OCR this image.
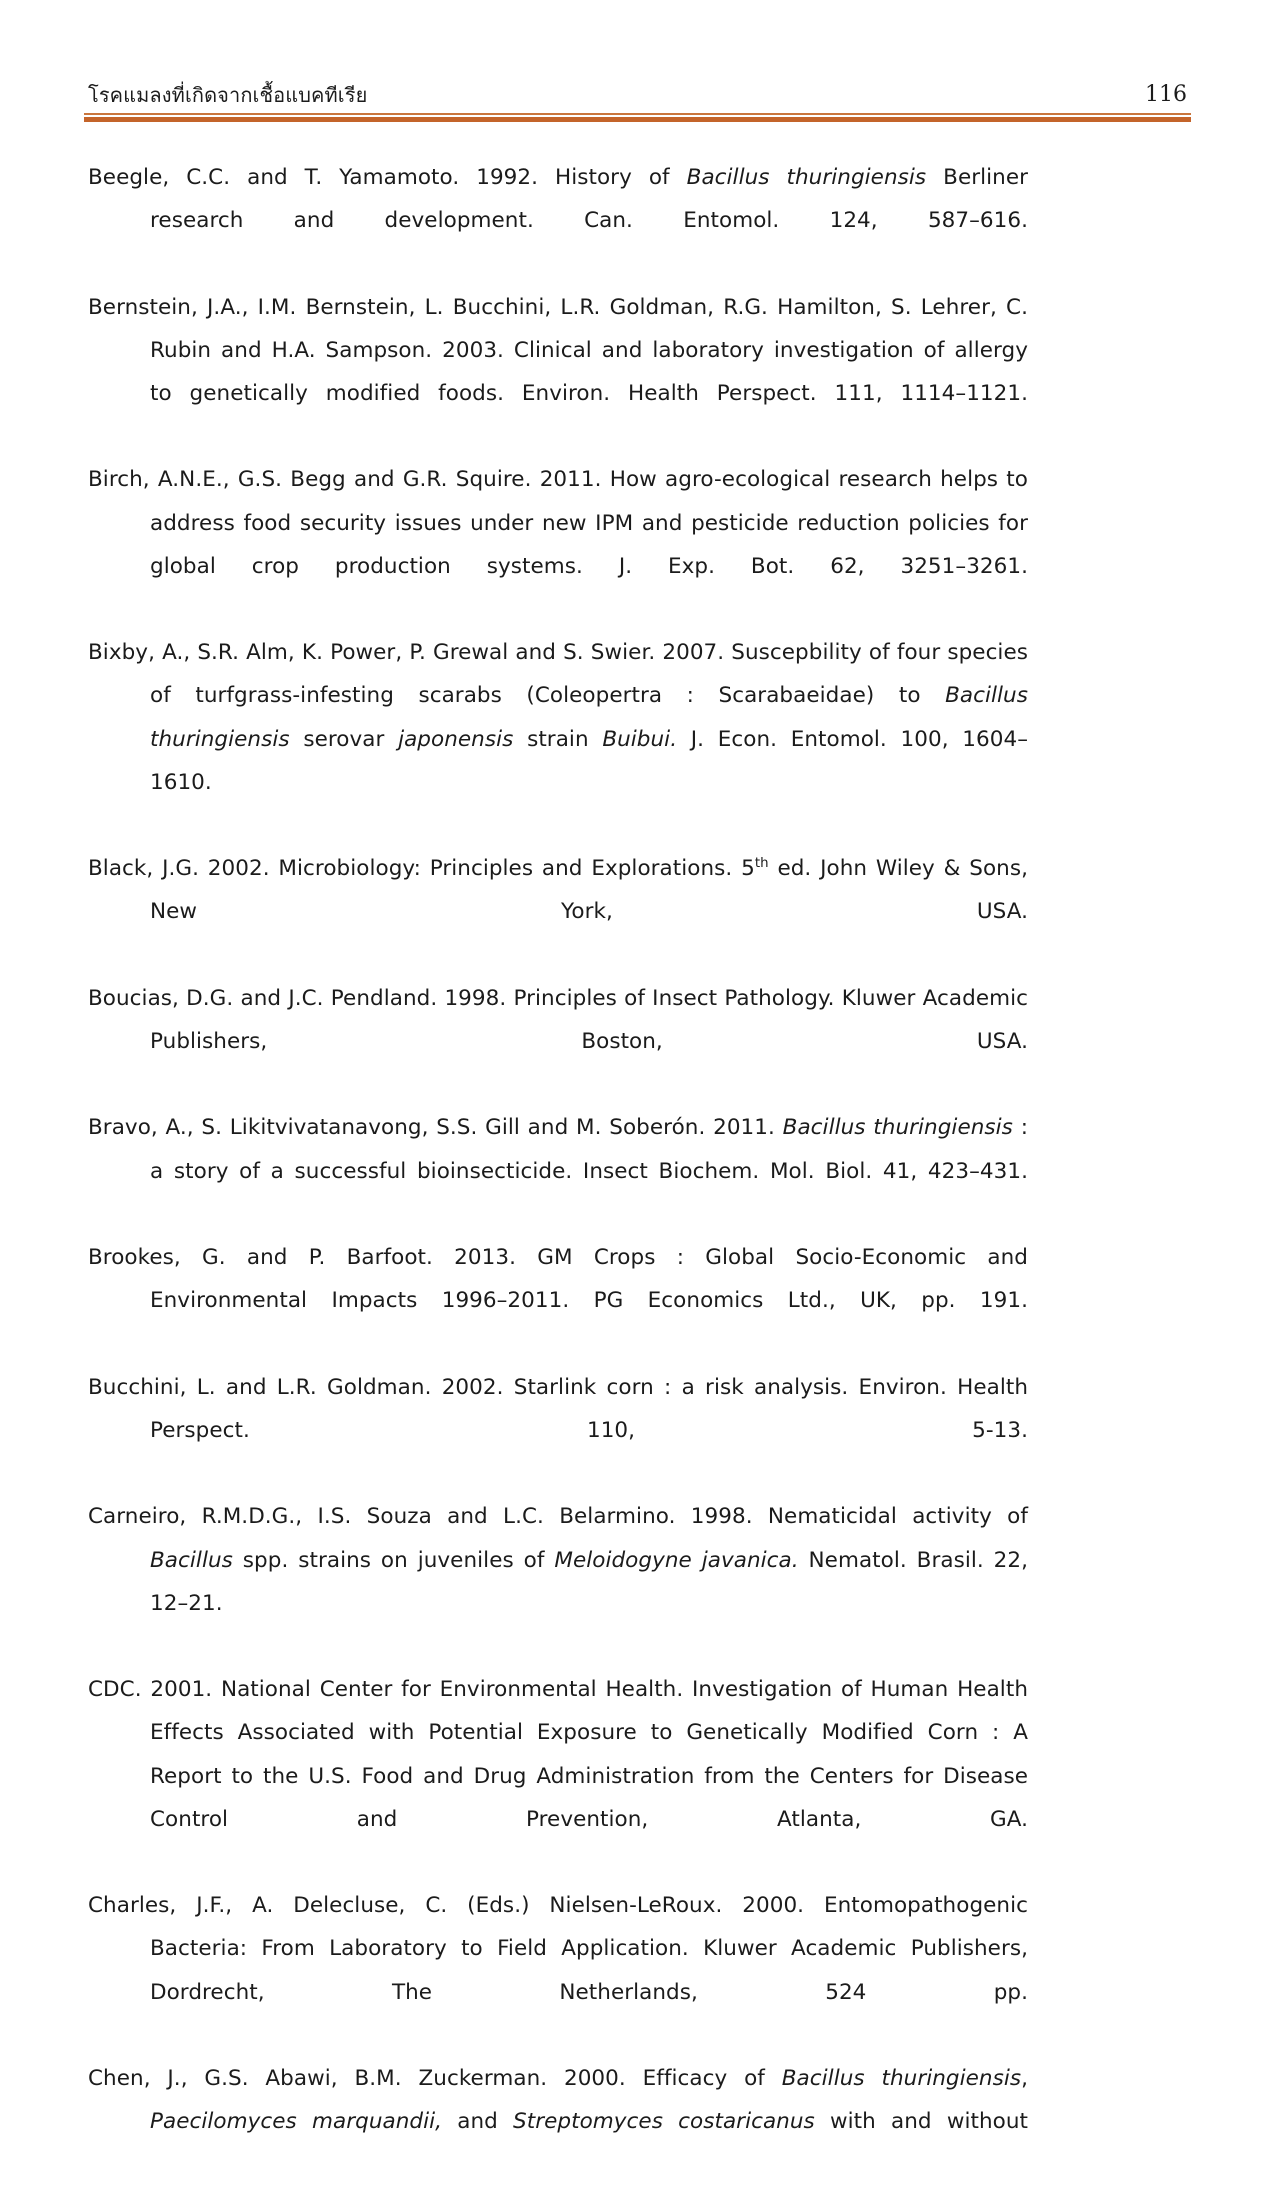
โรคแมลงที่เกิดจากเชื้อแบคทีเรีย	116

Beegle, C.C. and T. Yamamoto. 1992. History of Bacillus thuringiensis Berliner research and development. Can. Entomol. 124, 587–616.

Bernstein, J.A., I.M. Bernstein, L. Bucchini, L.R. Goldman, R.G. Hamilton, S. Lehrer, C. Rubin and H.A. Sampson. 2003. Clinical and laboratory investigation of allergy to genetically modified foods. Environ. Health Perspect. 111, 1114–1121.

Birch, A.N.E., G.S. Begg and G.R. Squire. 2011. How agro-ecological research helps to address food security issues under new IPM and pesticide reduction policies for global crop production systems. J. Exp. Bot. 62, 3251–3261.

Bixby, A., S.R. Alm, K. Power, P. Grewal and S. Swier. 2007. Suscepbility of four species of turfgrass-infesting scarabs (Coleopertra : Scarabaeidae) to Bacillus thuringiensis serovar japonensis strain Buibui. J. Econ. Entomol. 100, 1604–1610.

Black, J.G. 2002. Microbiology: Principles and Explorations. 5th ed. John Wiley & Sons, New York, USA.

Boucias, D.G. and J.C. Pendland. 1998. Principles of Insect Pathology. Kluwer Academic Publishers, Boston, USA.

Bravo, A., S. Likitvivatanavong, S.S. Gill and M. Soberón. 2011. Bacillus thuringiensis : a story of a successful bioinsecticide. Insect Biochem. Mol. Biol. 41, 423–431.

Brookes, G. and P. Barfoot. 2013. GM Crops : Global Socio-Economic and Environmental Impacts 1996–2011. PG Economics Ltd., UK, pp. 191.

Bucchini, L. and L.R. Goldman. 2002. Starlink corn : a risk analysis. Environ. Health Perspect. 110, 5-13.

Carneiro, R.M.D.G., I.S. Souza and L.C. Belarmino. 1998. Nematicidal activity of Bacillus spp. strains on juveniles of Meloidogyne javanica. Nematol. Brasil. 22, 12–21.

CDC. 2001. National Center for Environmental Health. Investigation of Human Health Effects Associated with Potential Exposure to Genetically Modified Corn : A Report to the U.S. Food and Drug Administration from the Centers for Disease Control and Prevention, Atlanta, GA.

Charles, J.F., A. Delecluse, C. (Eds.) Nielsen-LeRoux. 2000. Entomopathogenic Bacteria: From Laboratory to Field Application. Kluwer Academic Publishers, Dordrecht, The Netherlands, 524 pp.

Chen, J., G.S. Abawi, B.M. Zuckerman. 2000. Efficacy of Bacillus thuringiensis, Paecilomyces marquandii, and Streptomyces costaricanus with and without
